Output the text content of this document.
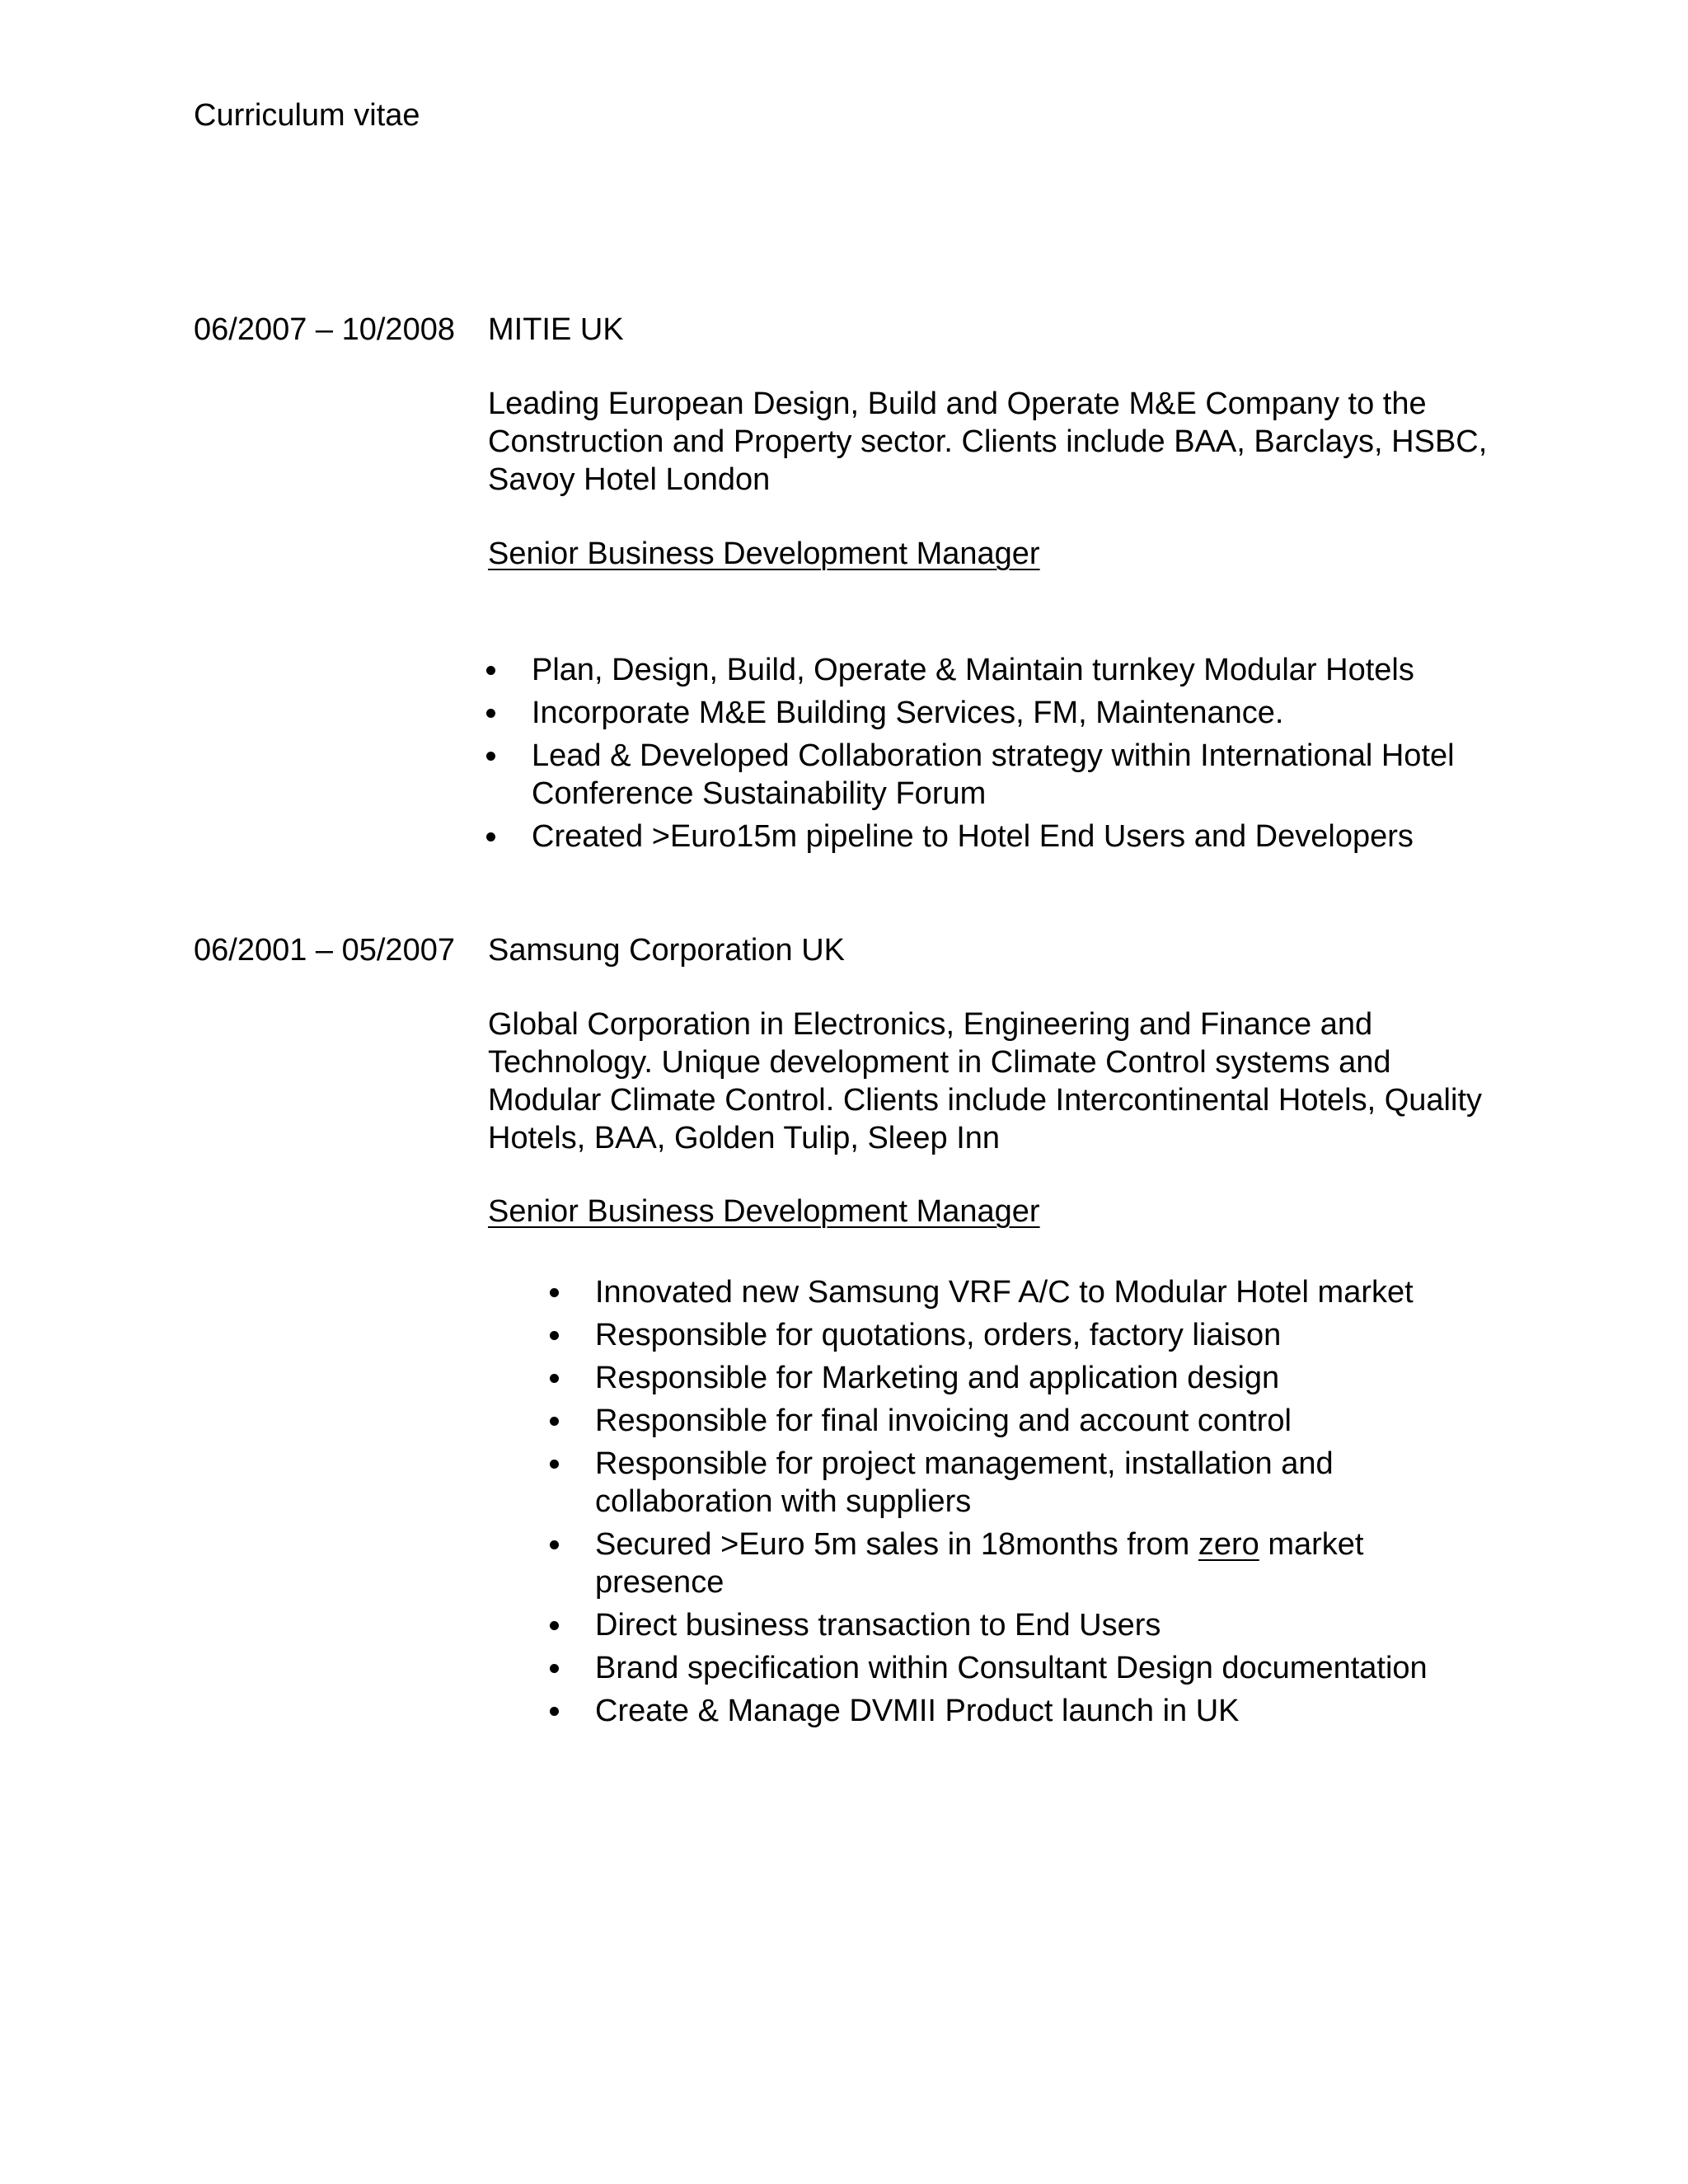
Curriculum vitae

06/2007 – 10/2008 MITIE UK

Leading European Design, Build and Operate M&E Company to the Construction and Property sector. Clients include BAA, Barclays, HSBC, Savoy Hotel London

Senior Business Development Manager

Plan, Design, Build, Operate & Maintain turnkey Modular Hotels
Incorporate M&E Building Services, FM, Maintenance.
Lead & Developed Collaboration strategy within International Hotel Conference Sustainability Forum
Created >Euro15m pipeline to Hotel End Users and Developers

06/2001 – 05/2007 Samsung Corporation UK

Global Corporation in Electronics, Engineering and Finance and Technology. Unique development in Climate Control systems and Modular Climate Control. Clients include Intercontinental Hotels, Quality Hotels, BAA, Golden Tulip, Sleep Inn

Senior Business Development Manager

Innovated new Samsung VRF A/C to Modular Hotel market
Responsible for quotations, orders, factory liaison
Responsible for Marketing and application design
Responsible for final invoicing and account control
Responsible for project management, installation and collaboration with suppliers
Secured >Euro 5m sales in 18months from zero market presence
Direct business transaction to End Users
Brand specification within Consultant Design documentation
Create & Manage DVMII Product launch in UK
